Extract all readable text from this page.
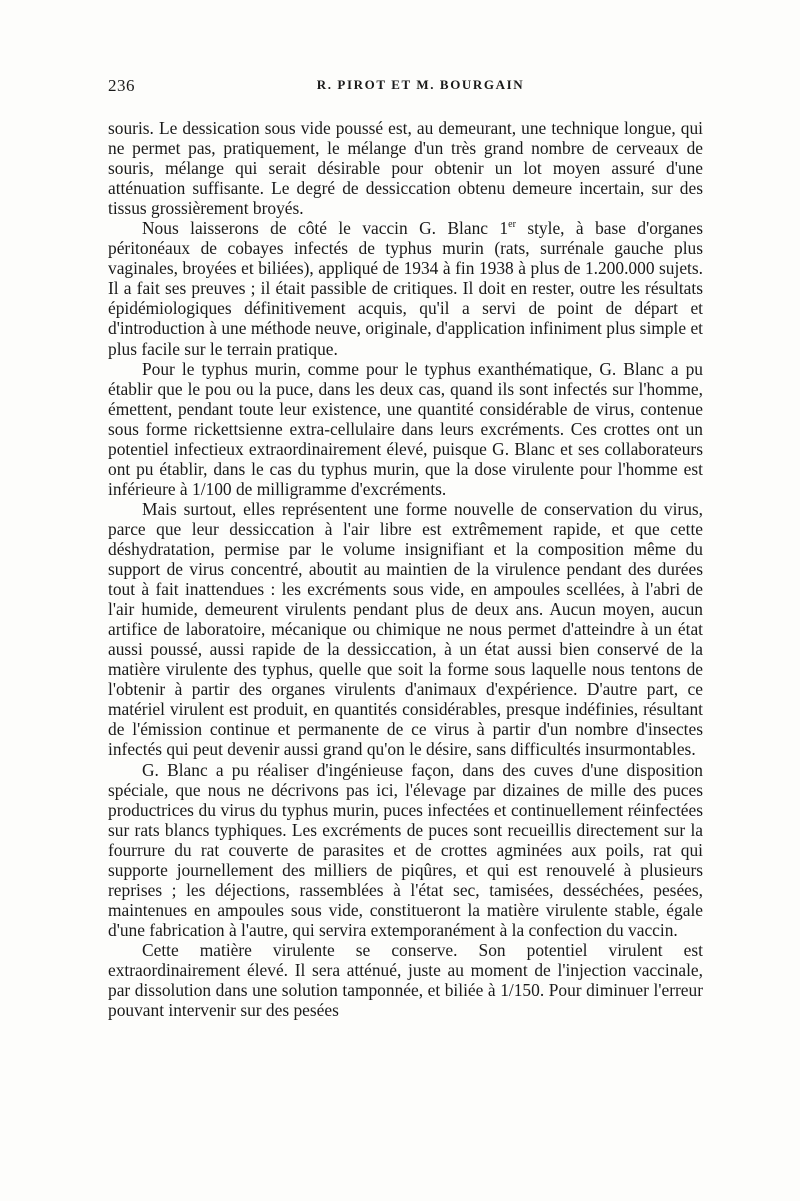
236	R. PIROT ET M. BOURGAIN

souris. Le dessication sous vide poussé est, au demeurant, une technique longue, qui ne permet pas, pratiquement, le mélange d'un très grand nombre de cerveaux de souris, mélange qui serait désirable pour obtenir un lot moyen assuré d'une atténuation suffisante. Le degré de dessiccation obtenu demeure incertain, sur des tissus grossièrement broyés.

Nous laisserons de côté le vaccin G. Blanc 1er style, à base d'organes péritonéaux de cobayes infectés de typhus murin (rats, surrénale gauche plus vaginales, broyées et biliées), appliqué de 1934 à fin 1938 à plus de 1.200.000 sujets. Il a fait ses preuves ; il était passible de critiques. Il doit en rester, outre les résultats épidémiologiques définitivement acquis, qu'il a servi de point de départ et d'introduction à une méthode neuve, originale, d'application infiniment plus simple et plus facile sur le terrain pratique.

Pour le typhus murin, comme pour le typhus exanthématique, G. Blanc a pu établir que le pou ou la puce, dans les deux cas, quand ils sont infectés sur l'homme, émettent, pendant toute leur existence, une quantité considérable de virus, contenue sous forme rickettsienne extra-cellulaire dans leurs excréments. Ces crottes ont un potentiel infectieux extraordinairement élevé, puisque G. Blanc et ses collaborateurs ont pu établir, dans le cas du typhus murin, que la dose virulente pour l'homme est inférieure à 1/100 de milligramme d'excréments.

Mais surtout, elles représentent une forme nouvelle de conservation du virus, parce que leur dessiccation à l'air libre est extrêmement rapide, et que cette déshydratation, permise par le volume insignifiant et la composition même du support de virus concentré, aboutit au maintien de la virulence pendant des durées tout à fait inattendues : les excréments sous vide, en ampoules scellées, à l'abri de l'air humide, demeurent virulents pendant plus de deux ans. Aucun moyen, aucun artifice de laboratoire, mécanique ou chimique ne nous permet d'atteindre à un état aussi poussé, aussi rapide de la dessiccation, à un état aussi bien conservé de la matière virulente des typhus, quelle que soit la forme sous laquelle nous tentons de l'obtenir à partir des organes virulents d'animaux d'expérience. D'autre part, ce matériel virulent est produit, en quantités considérables, presque indéfinies, résultant de l'émission continue et permanente de ce virus à partir d'un nombre d'insectes infectés qui peut devenir aussi grand qu'on le désire, sans difficultés insurmontables.

G. Blanc a pu réaliser d'ingénieuse façon, dans des cuves d'une disposition spéciale, que nous ne décrivons pas ici, l'élevage par dizaines de mille des puces productrices du virus du typhus murin, puces infectées et continuellement réinfectées sur rats blancs typhiques. Les excréments de puces sont recueillis directement sur la fourrure du rat couverte de parasites et de crottes agminées aux poils, rat qui supporte journellement des milliers de piqûres, et qui est renouvelé à plusieurs reprises ; les déjections, rassemblées à l'état sec, tamisées, desséchées, pesées, maintenues en ampoules sous vide, constitueront la matière virulente stable, égale d'une fabrication à l'autre, qui servira extemporanément à la confection du vaccin.

Cette matière virulente se conserve. Son potentiel virulent est extraordinairement élevé. Il sera atténué, juste au moment de l'injection vaccinale, par dissolution dans une solution tamponnée, et biliée à 1/150. Pour diminuer l'erreur pouvant intervenir sur des pesées
